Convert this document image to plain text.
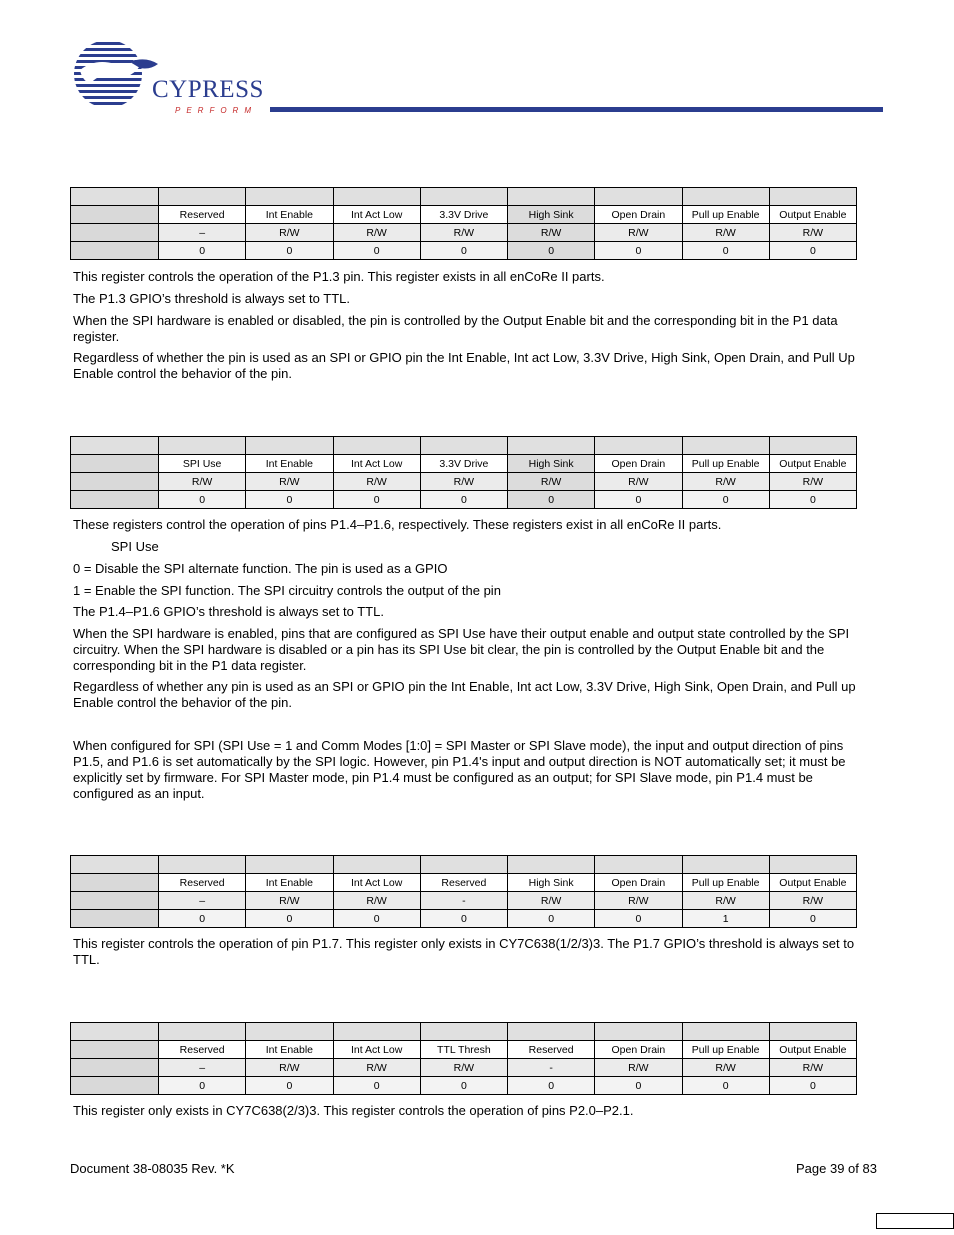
CYPRESS
PERFORM

	Reserved	Int Enable	Int Act Low	3.3V Drive	High Sink	Open Drain	Pull up Enable	Output Enable
	–	R/W	R/W	R/W	R/W	R/W	R/W	R/W
	0	0	0	0	0	0	0	0

This register controls the operation of the P1.3 pin. This register exists in all enCoRe II parts.

The P1.3 GPIO’s threshold is always set to TTL.

When the SPI hardware is enabled or disabled, the pin is controlled by the Output Enable bit and the corresponding bit in the P1 data register.

Regardless of whether the pin is used as an SPI or GPIO pin the Int Enable, Int act Low, 3.3V Drive, High Sink, Open Drain, and Pull Up Enable control the behavior of the pin.

	SPI Use	Int Enable	Int Act Low	3.3V Drive	High Sink	Open Drain	Pull up Enable	Output Enable
	R/W	R/W	R/W	R/W	R/W	R/W	R/W	R/W
	0	0	0	0	0	0	0	0

These registers control the operation of pins P1.4–P1.6, respectively. These registers exist in all enCoRe II parts.

SPI Use

0 = Disable the SPI alternate function. The pin is used as a GPIO

1 = Enable the SPI function. The SPI circuitry controls the output of the pin

The P1.4–P1.6 GPIO’s threshold is always set to TTL.

When the SPI hardware is enabled, pins that are configured as SPI Use have their output enable and output state controlled by the SPI circuitry. When the SPI hardware is disabled or a pin has its SPI Use bit clear, the pin is controlled by the Output Enable bit and the corresponding bit in the P1 data register.

Regardless of whether any pin is used as an SPI or GPIO pin the Int Enable, Int act Low, 3.3V Drive, High Sink, Open Drain, and Pull up Enable control the behavior of the pin.

When configured for SPI (SPI Use = 1 and Comm Modes [1:0] = SPI Master or SPI Slave mode), the input and output direction of pins P1.5, and P1.6 is set automatically by the SPI logic. However, pin P1.4's input and output direction is NOT automatically set; it must be explicitly set by firmware. For SPI Master mode, pin P1.4 must be configured as an output; for SPI Slave mode, pin P1.4 must be configured as an input.

	Reserved	Int Enable	Int Act Low	Reserved	High Sink	Open Drain	Pull up Enable	Output Enable
	–	R/W	R/W	-	R/W	R/W	R/W	R/W
	0	0	0	0	0	0	1	0

This register controls the operation of pin P1.7. This register only exists in CY7C638(1/2/3)3. The P1.7 GPIO’s threshold is always set to TTL.

	Reserved	Int Enable	Int Act Low	TTL Thresh	Reserved	Open Drain	Pull up Enable	Output Enable
	–	R/W	R/W	R/W	-	R/W	R/W	R/W
	0	0	0	0	0	0	0	0

This register only exists in CY7C638(2/3)3. This register controls the operation of pins P2.0–P2.1.

Document 38-08035 Rev. *K	Page 39 of 83
